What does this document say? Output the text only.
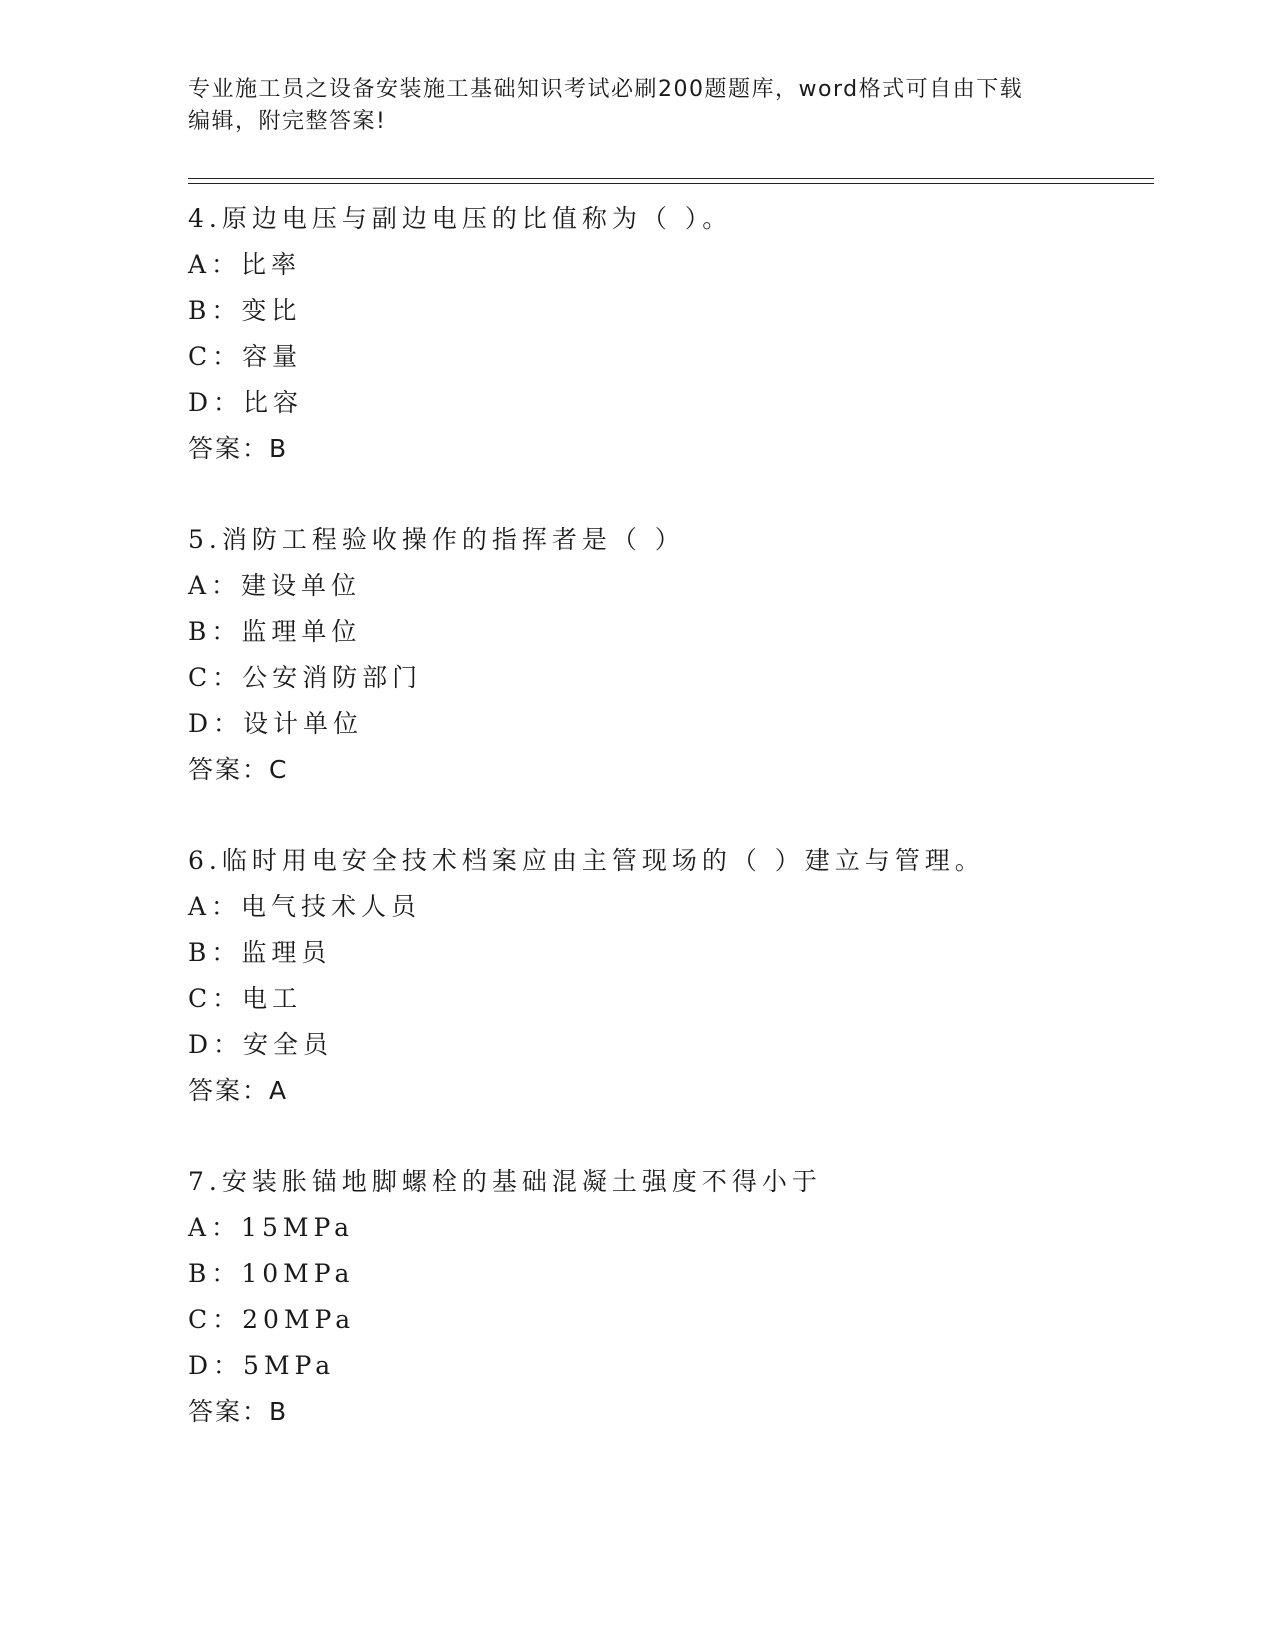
专业施工员之设备安装施工基础知识考试必刷200题题库，word格式可自由下载
编辑，附完整答案!
4.原边电压与副边电压的比值称为（ ）。
A：比率
B：变比
C：容量
D：比容
答案：B
5.消防工程验收操作的指挥者是（ ）
A：建设单位
B：监理单位
C：公安消防部门
D：设计单位
答案：C
6.临时用电安全技术档案应由主管现场的（ ）建立与管理。
A：电气技术人员
B：监理员
C：电工
D：安全员
答案：A
7.安装胀锚地脚螺栓的基础混凝土强度不得小于
A：15MPa
B：10MPa
C：20MPa
D：5MPa
答案：B
